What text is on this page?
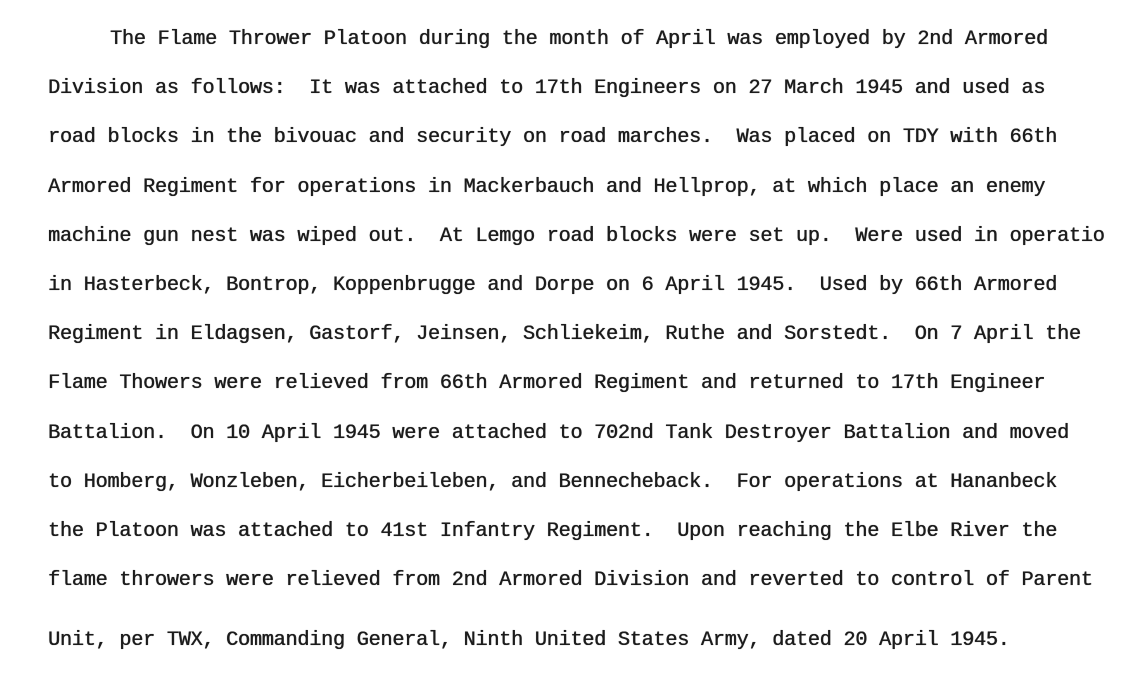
The Flame Thrower Platoon during the month of April was employed by 2nd Armored
Division as follows:  It was attached to 17th Engineers on 27 March 1945 and used as
road blocks in the bivouac and security on road marches.  Was placed on TDY with 66th
Armored Regiment for operations in Mackerbauch and Hellprop, at which place an enemy
machine gun nest was wiped out.  At Lemgo road blocks were set up.  Were used in operatio
in Hasterbeck, Bontrop, Koppenbrugge and Dorpe on 6 April 1945.  Used by 66th Armored
Regiment in Eldagsen, Gastorf, Jeinsen, Schliekeim, Ruthe and Sorstedt.  On 7 April the
Flame Thowers were relieved from 66th Armored Regiment and returned to 17th Engineer
Battalion.  On 10 April 1945 were attached to 702nd Tank Destroyer Battalion and moved
to Homberg, Wonzleben, Eicherbeileben, and Bennecheback.  For operations at Hananbeck
the Platoon was attached to 41st Infantry Regiment.  Upon reaching the Elbe River the
flame throwers were relieved from 2nd Armored Division and reverted to control of Parent
Unit, per TWX, Commanding General, Ninth United States Army, dated 20 April 1945.
